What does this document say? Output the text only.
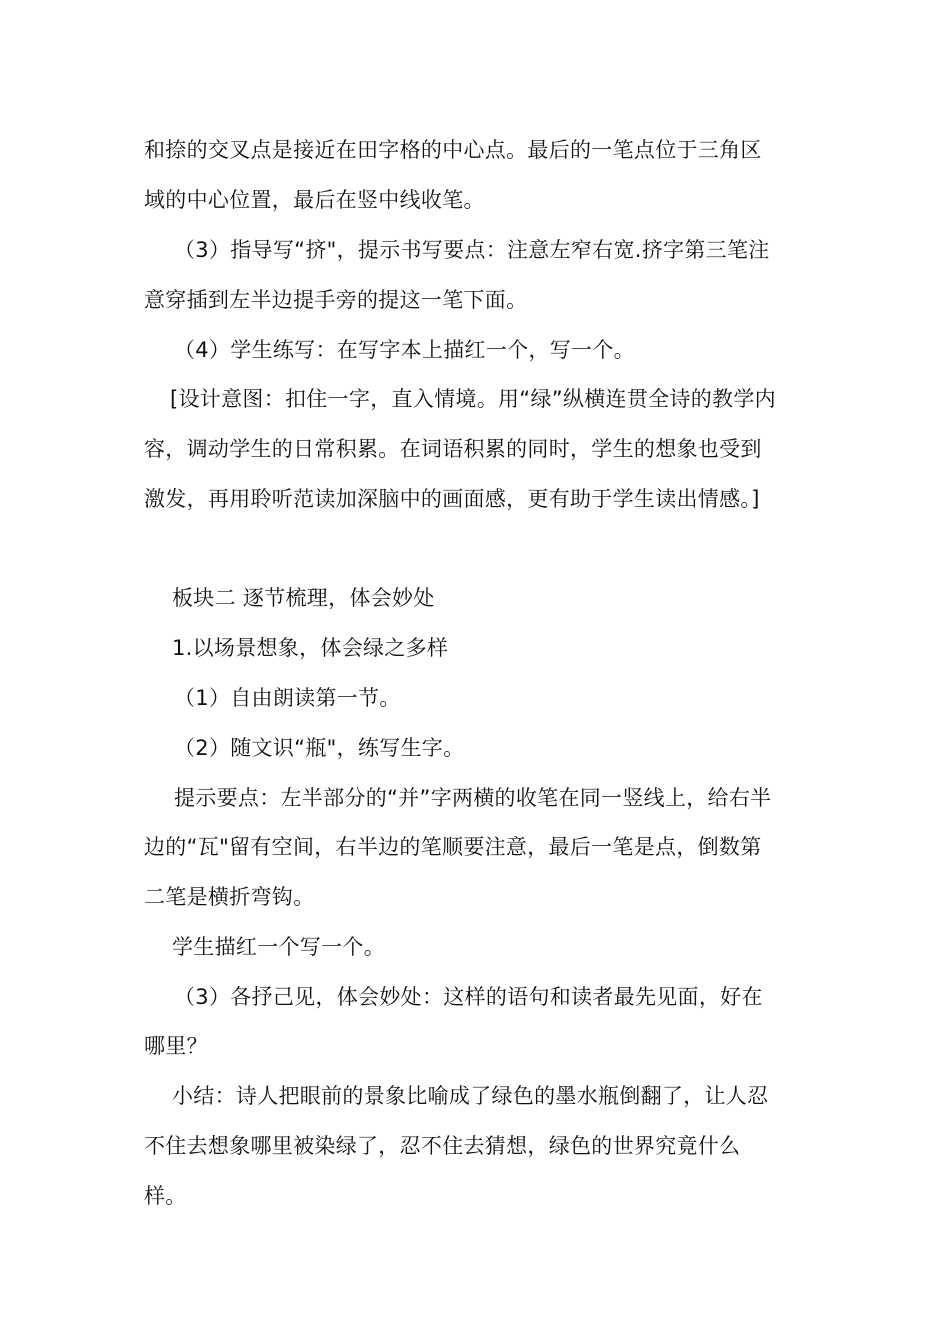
和捺的交叉点是接近在田字格的中心点。最后的一笔点位于三角区
域的中心位置，最后在竖中线收笔。
（3）指导写“挤"，提示书写要点：注意左窄右宽.挤字第三笔注
意穿插到左半边提手旁的提这一笔下面。
（4）学生练写：在写字本上描红一个，写一个。
[设计意图：扣住一字，直入情境。用“绿”纵横连贯全诗的教学内
容，调动学生的日常积累。在词语积累的同时，学生的想象也受到
激发，再用聆听范读加深脑中的画面感，更有助于学生读出情感。]
板块二 逐节梳理，体会妙处
1.以场景想象，体会绿之多样
（1）自由朗读第一节。
（2）随文识“瓶"，练写生字。
提示要点：左半部分的“并”字两横的收笔在同一竖线上，给右半
边的“瓦"留有空间，右半边的笔顺要注意，最后一笔是点，倒数第
二笔是横折弯钩。
学生描红一个写一个。
（3）各抒己见，体会妙处：这样的语句和读者最先见面，好在
哪里？
小结：诗人把眼前的景象比喻成了绿色的墨水瓶倒翻了，让人忍
不住去想象哪里被染绿了，忍不住去猜想，绿色的世界究竟什么
样。
